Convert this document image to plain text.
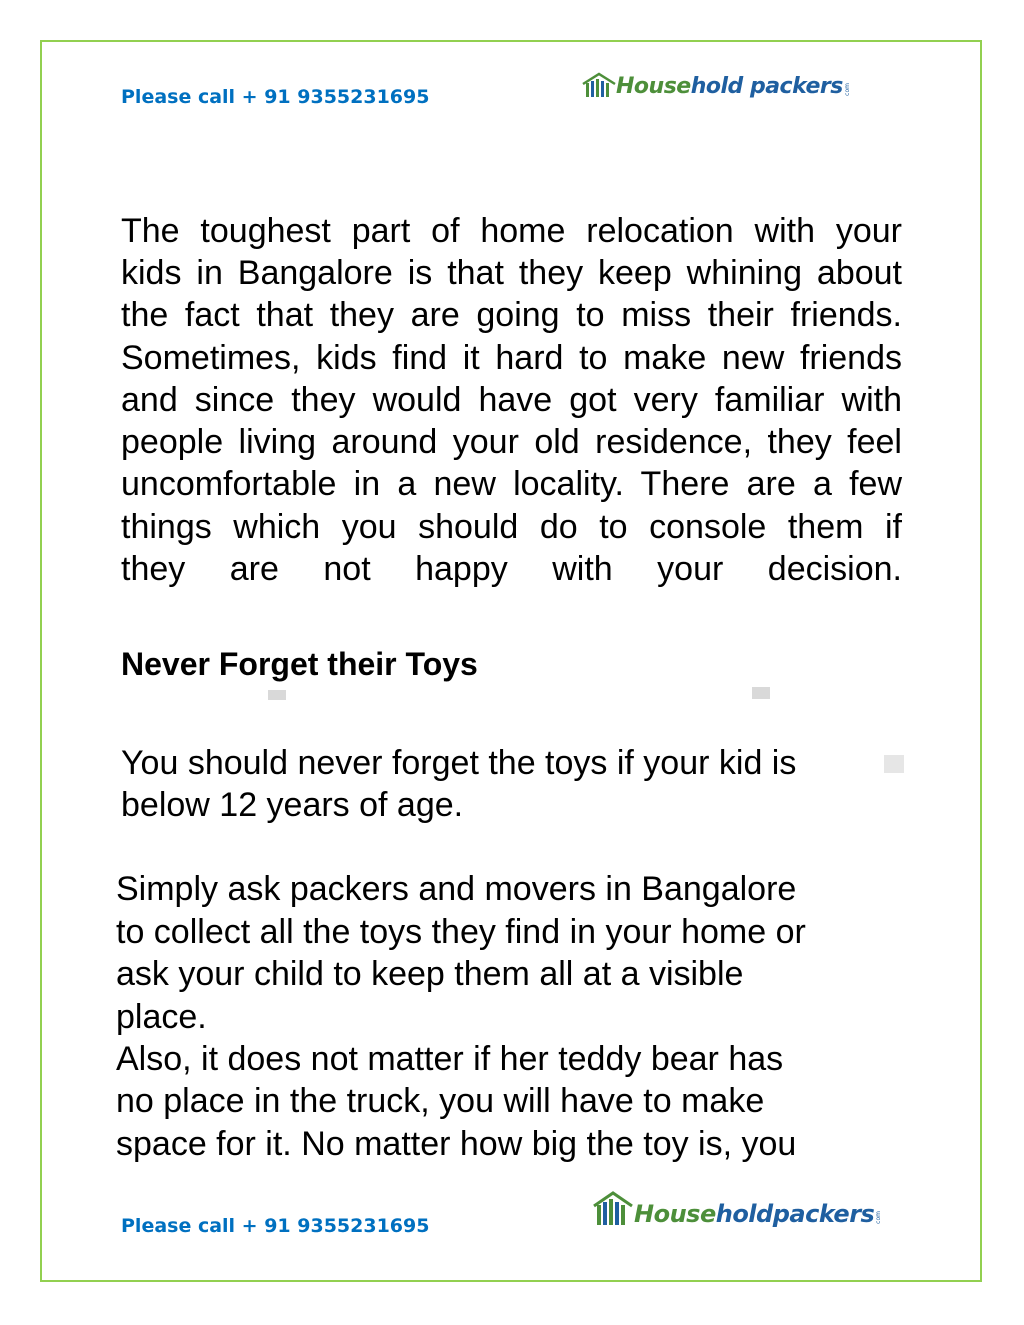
Please call + 91 9355231695	Household packers com

The toughest part of home relocation with your

kids in Bangalore is that they keep whining about

the fact that they are going to miss their friends.

Sometimes, kids find it hard to make new friends

and since they would have got very familiar with

people living around your old residence, they feel

uncomfortable in a new locality. There are a few

things which you should do to console them if

they are not happy with your decision.

Never Forget their Toys

You should never forget the toys if your kid is

below 12 years of age.

Simply ask packers and movers in Bangalore

to collect all the toys they find in your home or

ask your child to keep them all at a visible

place.

Also, it does not matter if her teddy bear has

no place in the truck, you will have to make

space for it. No matter how big the toy is, you

Please call + 91 9355231695	Householdpackers com
